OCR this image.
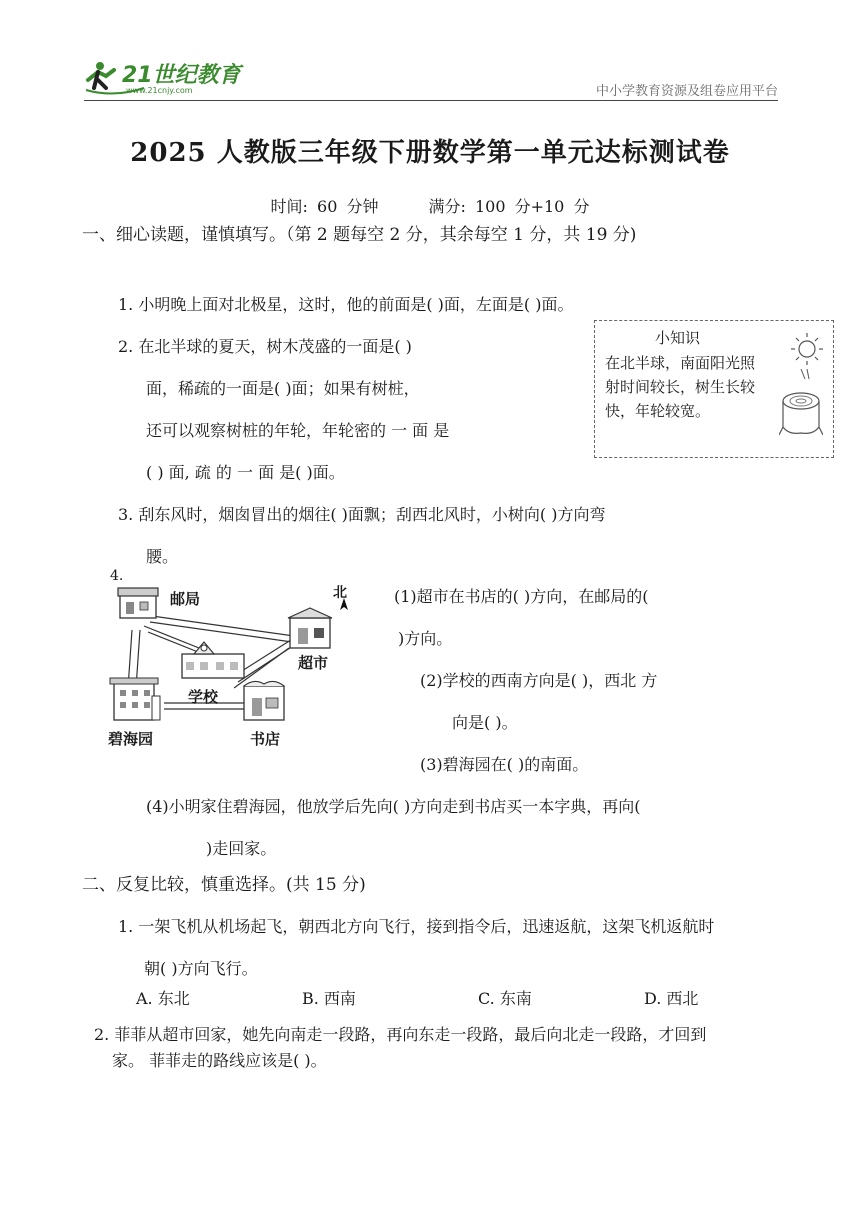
21世纪教育
www.21cnjy.com	中小学教育资源及组卷应用平台
2025 人教版三年级下册数学第一单元达标测试卷
时间: 60 分钟	满分: 100 分+10 分
一、细心读题，谨慎填写。（第 2 题每空 2 分，其余每空 1 分，共 19 分)
1. 小明晚上面对北极星，这时，他的前面是( )面，左面是( )面。
2. 在北半球的夏天，树木茂盛的一面是( )
面，稀疏的一面是( )面；如果有树桩，
还可以观察树桩的年轮，年轮密的 一 面 是
( ) 面, 疏 的 一 面 是( )面。
小知识
在北半球，南面阳光照射时间较长，树生长较快，年轮较宽。
3. 刮东风时，烟囱冒出的烟往( )面飘；刮西北风时，小树向( )方向弯
腰。
4.
邮局	北
超市
学校
碧海园	书店
(1)超市在书店的( )方向，在邮局的(
)方向。
(2)学校的西南方向是( )，西北 方
向是( )。
(3)碧海园在( )的南面。
(4)小明家住碧海园，他放学后先向( )方向走到书店买一本字典，再向(
)走回家。
二、反复比较，慎重选择。(共 15 分)
1. 一架飞机从机场起飞，朝西北方向飞行，接到指令后，迅速返航，这架飞机返航时
朝( )方向飞行。
A. 东北	B. 西南	C. 东南	D. 西北
2. 菲菲从超市回家，她先向南走一段路，再向东走一段路，最后向北走一段路，才回到
家。 菲菲走的路线应该是( )。
